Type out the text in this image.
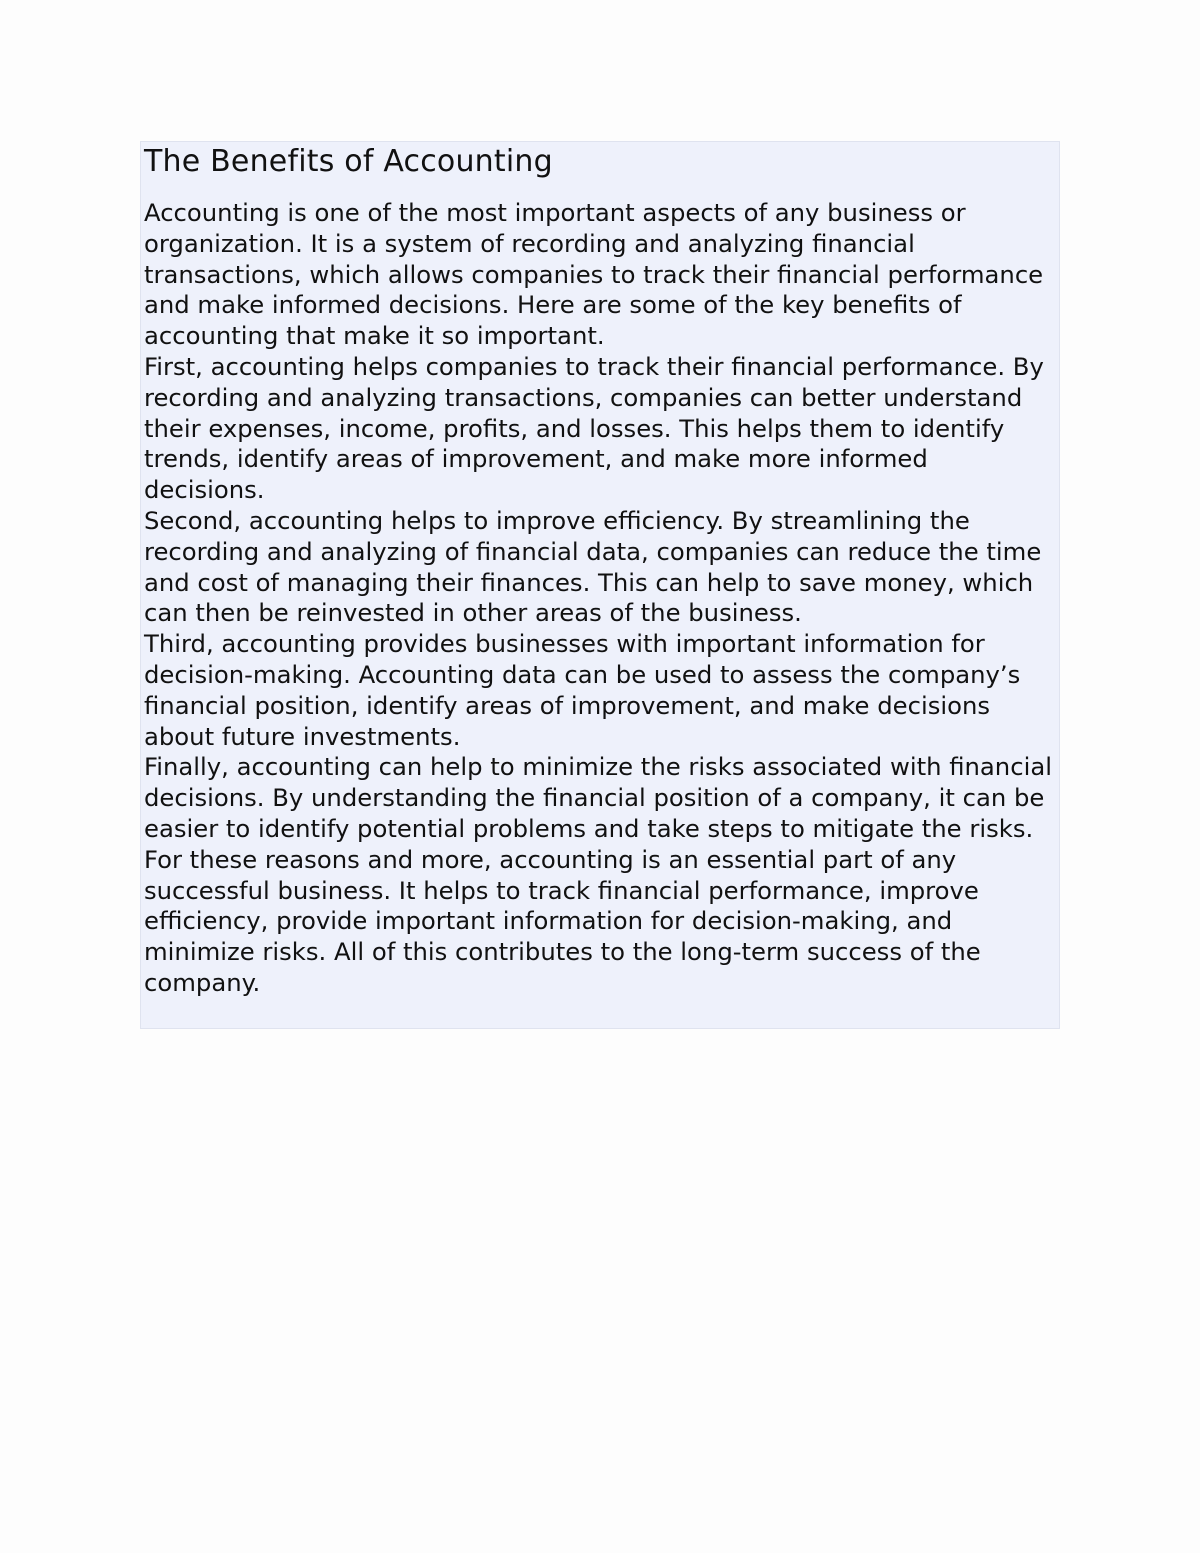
The Benefits of Accounting

Accounting is one of the most important aspects of any business or organization. It is a system of recording and analyzing financial transactions, which allows companies to track their financial performance and make informed decisions. Here are some of the key benefits of accounting that make it so important.

First, accounting helps companies to track their financial performance. By recording and analyzing transactions, companies can better understand their expenses, income, profits, and losses. This helps them to identify trends, identify areas of improvement, and make more informed decisions.

Second, accounting helps to improve efficiency. By streamlining the recording and analyzing of financial data, companies can reduce the time and cost of managing their finances. This can help to save money, which can then be reinvested in other areas of the business.

Third, accounting provides businesses with important information for decision-making. Accounting data can be used to assess the company’s financial position, identify areas of improvement, and make decisions about future investments.

Finally, accounting can help to minimize the risks associated with financial decisions. By understanding the financial position of a company, it can be easier to identify potential problems and take steps to mitigate the risks.

For these reasons and more, accounting is an essential part of any successful business. It helps to track financial performance, improve efficiency, provide important information for decision-making, and minimize risks. All of this contributes to the long-term success of the company.
